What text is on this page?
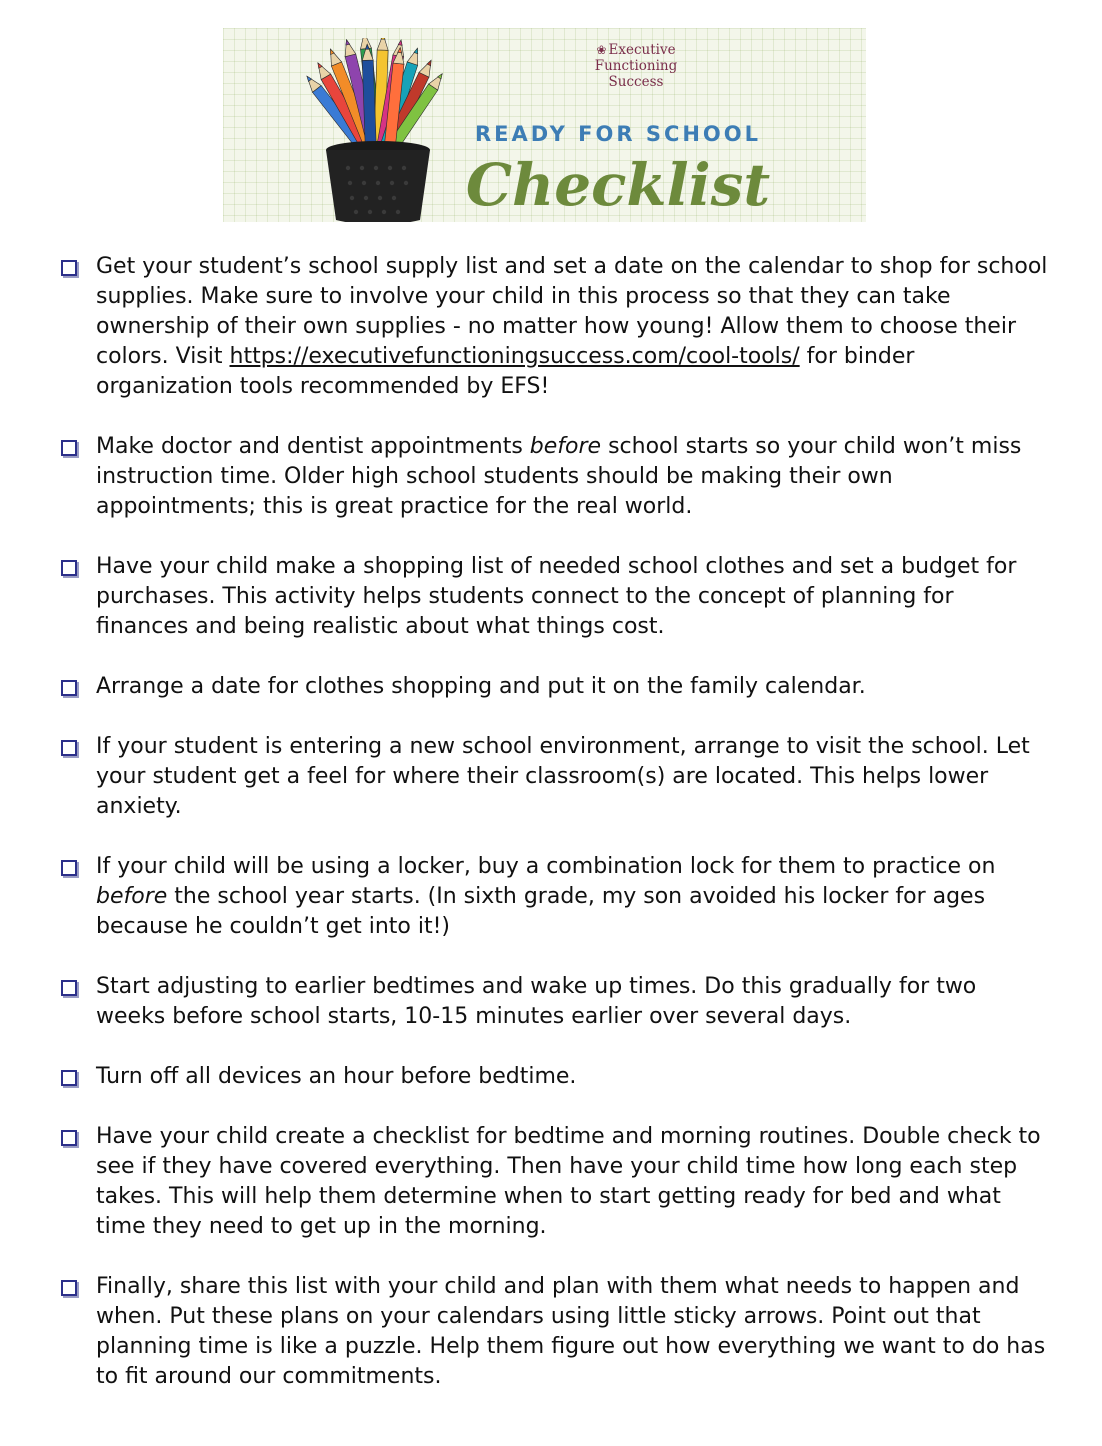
❀ Executive
Functioning Success
READY FOR SCHOOL
Checklist
Get your student’s school supply list and set a date on the calendar to shop for school supplies. Make sure to involve your child in this process so that they can take ownership of their own supplies - no matter how young! Allow them to choose their colors. Visit https://executivefunctioningsuccess.com/cool-tools/ for binder organization tools recommended by EFS!
Make doctor and dentist appointments before school starts so your child won’t miss instruction time. Older high school students should be making their own appointments; this is great practice for the real world.
Have your child make a shopping list of needed school clothes and set a budget for purchases. This activity helps students connect to the concept of planning for finances and being realistic about what things cost.
Arrange a date for clothes shopping and put it on the family calendar.
If your student is entering a new school environment, arrange to visit the school. Let your student get a feel for where their classroom(s) are located. This helps lower anxiety.
If your child will be using a locker, buy a combination lock for them to practice on before the school year starts. (In sixth grade, my son avoided his locker for ages because he couldn’t get into it!)
Start adjusting to earlier bedtimes and wake up times. Do this gradually for two weeks before school starts, 10-15 minutes earlier over several days.
Turn off all devices an hour before bedtime.
Have your child create a checklist for bedtime and morning routines. Double check to see if they have covered everything. Then have your child time how long each step takes. This will help them determine when to start getting ready for bed and what time they need to get up in the morning.
Finally, share this list with your child and plan with them what needs to happen and when. Put these plans on your calendars using little sticky arrows. Point out that planning time is like a puzzle. Help them figure out how everything we want to do has to fit around our commitments.
